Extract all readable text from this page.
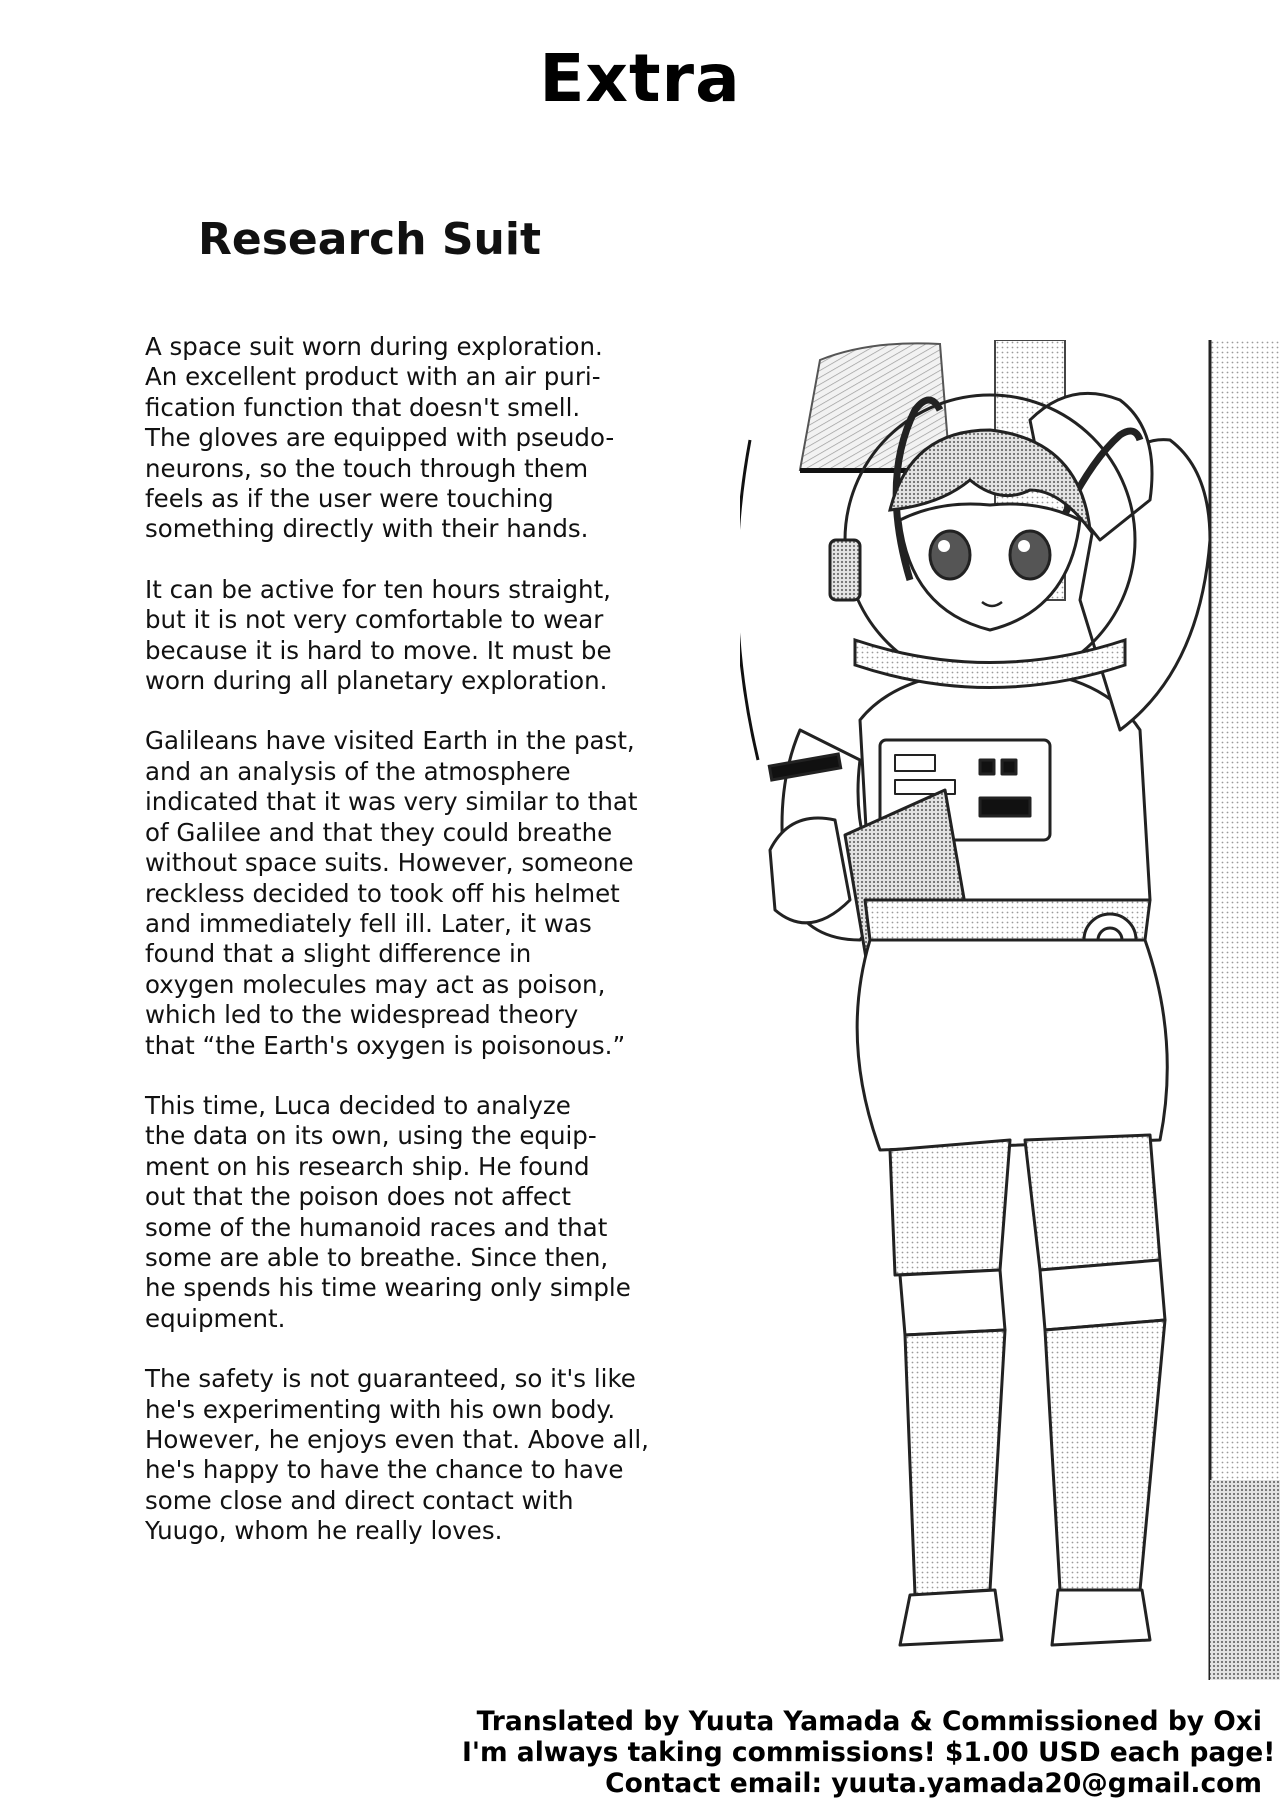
Extra
Research Suit
A space suit worn during exploration.
An excellent product with an air puri-
fication function that doesn't smell.
The gloves are equipped with pseudo-
neurons, so the touch through them
feels as if the user were touching
something directly with their hands.
It can be active for ten hours straight,
but it is not very comfortable to wear
because it is hard to move. It must be
worn during all planetary exploration.
Galileans have visited Earth in the past,
and an analysis of the atmosphere
indicated that it was very similar to that
of Galilee and that they could breathe
without space suits. However, someone
reckless decided to took off his helmet
and immediately fell ill. Later, it was
found that a slight difference in
oxygen molecules may act as poison,
which led to the widespread theory
that “the Earth's oxygen is poisonous.”
This time, Luca decided to analyze
the data on its own, using the equip-
ment on his research ship. He found
out that the poison does not affect
some of the humanoid races and that
some are able to breathe. Since then,
he spends his time wearing only simple
equipment.
The safety is not guaranteed, so it's like
he's experimenting with his own body.
However, he enjoys even that. Above all,
he's happy to have the chance to have
some close and direct contact with
Yuugo, whom he really loves.
Translated by Yuuta Yamada & Commissioned by Oxi
I'm always taking commissions! $1.00 USD each page!
Contact email: yuuta.yamada20@gmail.com
